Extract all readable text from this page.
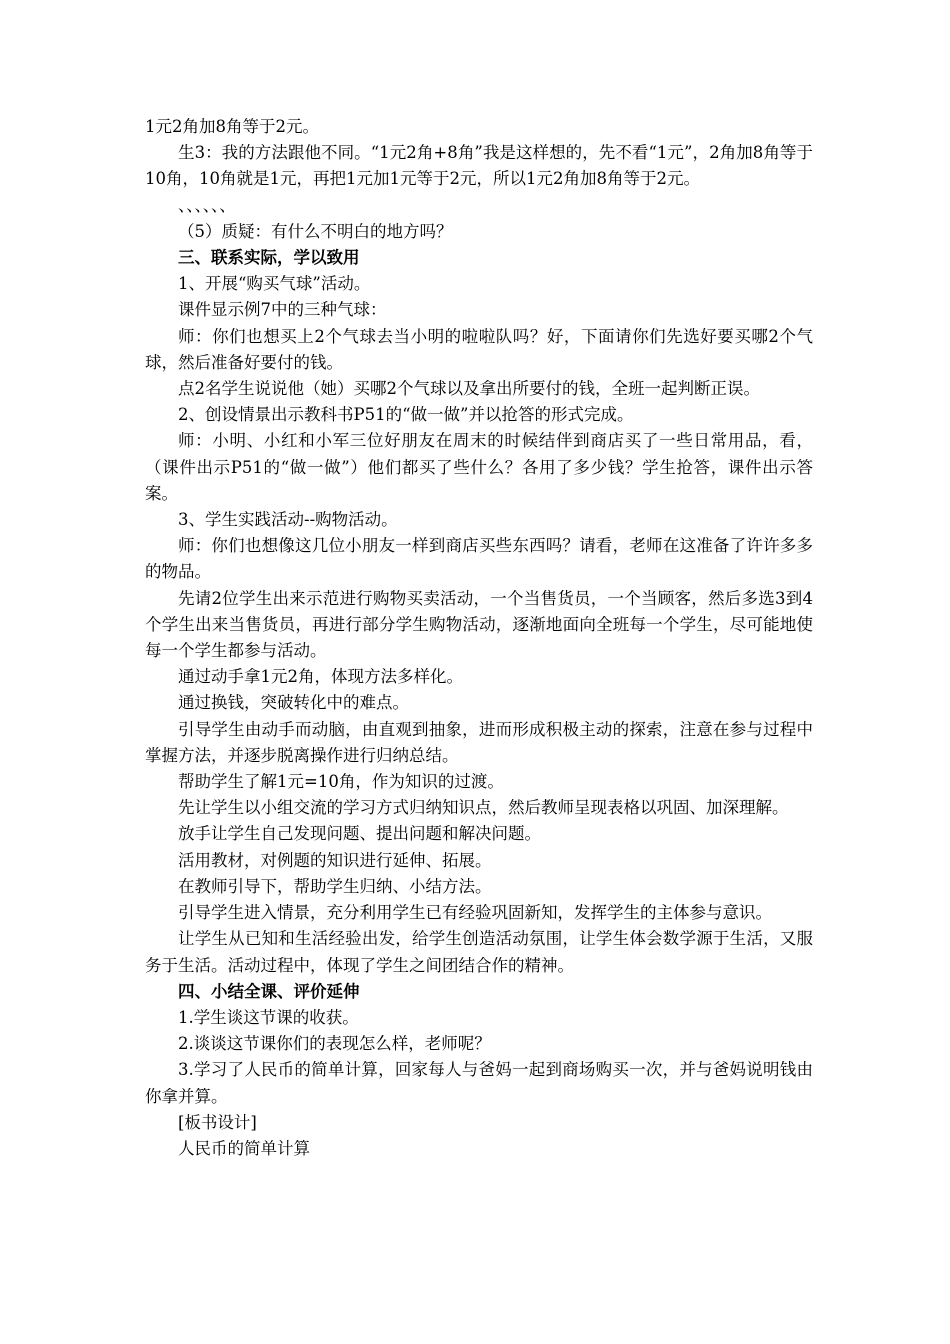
1元2角加8角等于2元。

生3：我的方法跟他不同。“1元2角+8角”我是这样想的，先不看“1元”，2角加8角等于10角，10角就是1元，再把1元加1元等于2元，所以1元2角加8角等于2元。

、、、、、、

（5）质疑：有什么不明白的地方吗？

三、联系实际，学以致用

1、开展“购买气球”活动。

课件显示例7中的三种气球：

师：你们也想买上2个气球去当小明的啦啦队吗？好，下面请你们先选好要买哪2个气球，然后准备好要付的钱。

点2名学生说说他（她）买哪2个气球以及拿出所要付的钱，全班一起判断正误。

2、创设情景出示教科书P51的“做一做”并以抢答的形式完成。

师：小明、小红和小军三位好朋友在周末的时候结伴到商店买了一些日常用品，看，（课件出示P51的“做一做”）他们都买了些什么？各用了多少钱？学生抢答，课件出示答案。

3、学生实践活动--购物活动。

师：你们也想像这几位小朋友一样到商店买些东西吗？请看，老师在这准备了许许多多的物品。

先请2位学生出来示范进行购物买卖活动，一个当售货员，一个当顾客，然后多选3到4个学生出来当售货员，再进行部分学生购物活动，逐渐地面向全班每一个学生，尽可能地使每一个学生都参与活动。

通过动手拿1元2角，体现方法多样化。

通过换钱，突破转化中的难点。

引导学生由动手而动脑，由直观到抽象，进而形成积极主动的探索，注意在参与过程中掌握方法，并逐步脱离操作进行归纳总结。

帮助学生了解1元=10角，作为知识的过渡。

先让学生以小组交流的学习方式归纳知识点，然后教师呈现表格以巩固、加深理解。

放手让学生自己发现问题、提出问题和解决问题。

活用教材，对例题的知识进行延伸、拓展。

在教师引导下，帮助学生归纳、小结方法。

引导学生进入情景，充分利用学生已有经验巩固新知，发挥学生的主体参与意识。

让学生从已知和生活经验出发，给学生创造活动氛围，让学生体会数学源于生活，又服务于生活。活动过程中，体现了学生之间团结合作的精神。

四、小结全课、评价延伸

1.学生谈这节课的收获。

2.谈谈这节课你们的表现怎么样，老师呢？

3.学习了人民币的简单计算，回家每人与爸妈一起到商场购买一次，并与爸妈说明钱由你拿并算。

[板书设计]

人民币的简单计算
